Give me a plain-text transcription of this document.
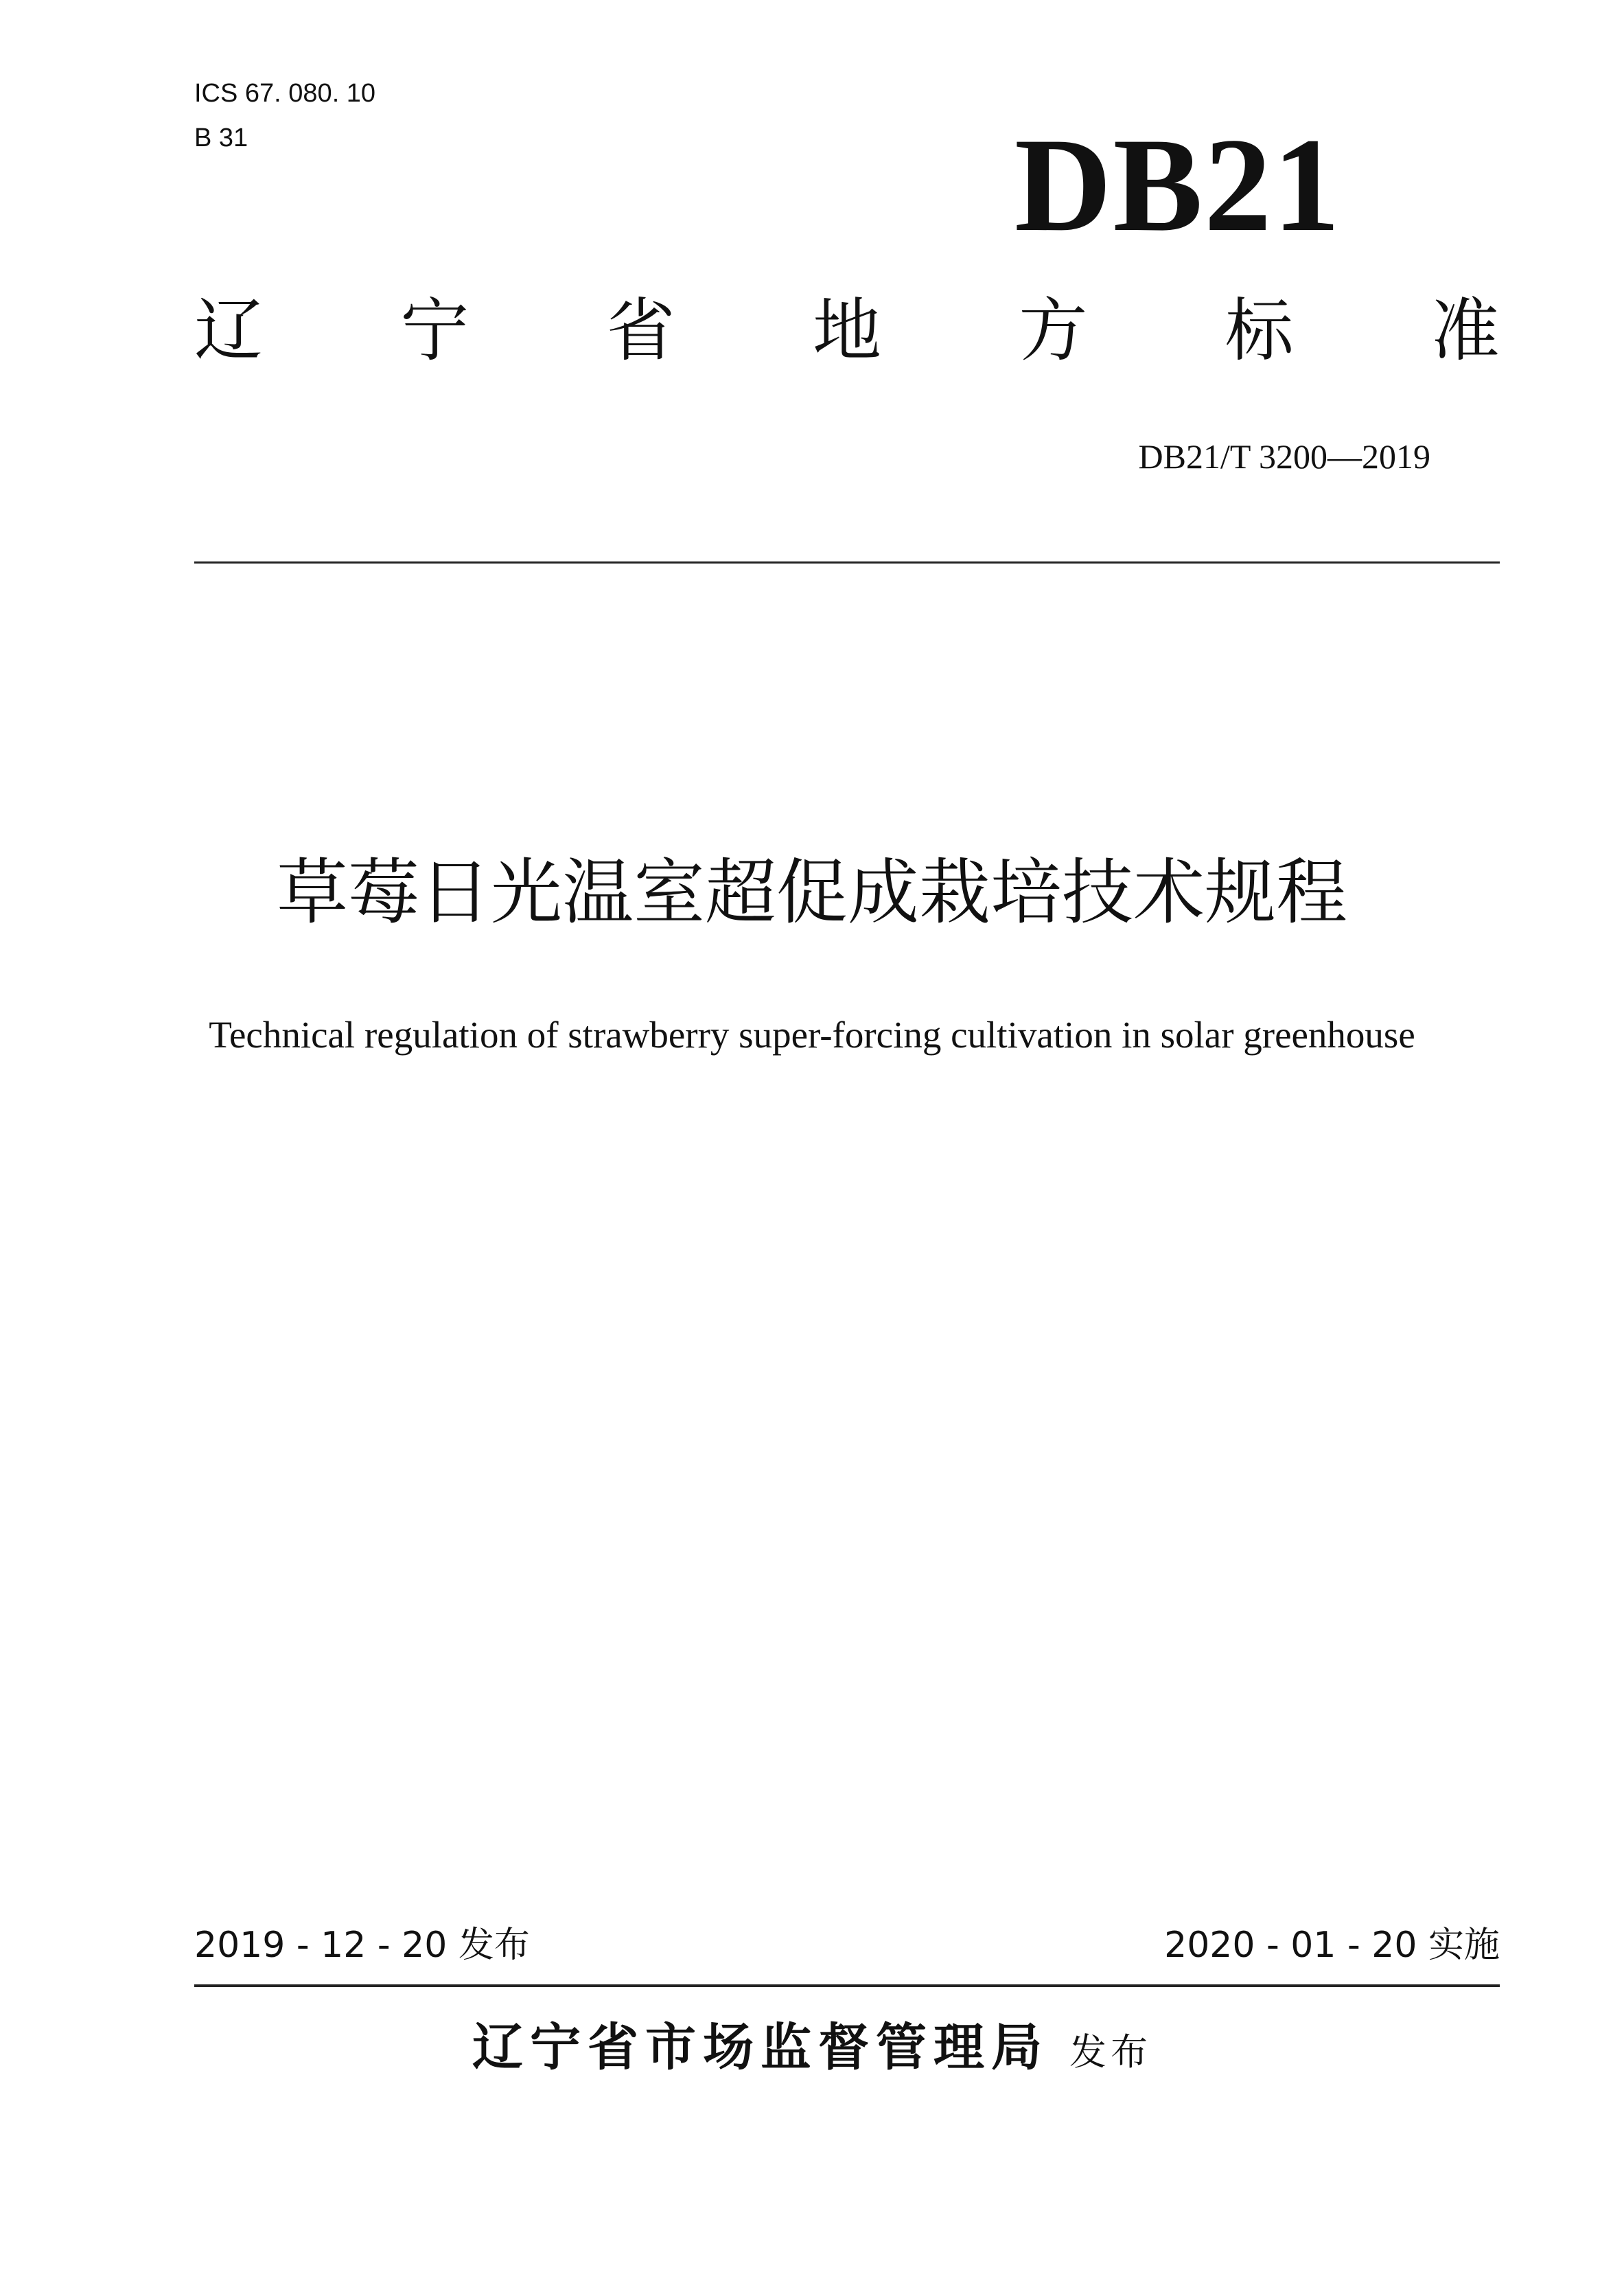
ICS 67. 080. 10
B 31	DB21
辽 宁 省 地 方 标 准
DB21/T 3200—2019
草莓日光温室超促成栽培技术规程
Technical regulation of strawberry super-forcing cultivation in solar greenhouse
2019 - 12 - 20 发布	2020 - 01 - 20 实施
辽宁省市场监督管理局 发布
